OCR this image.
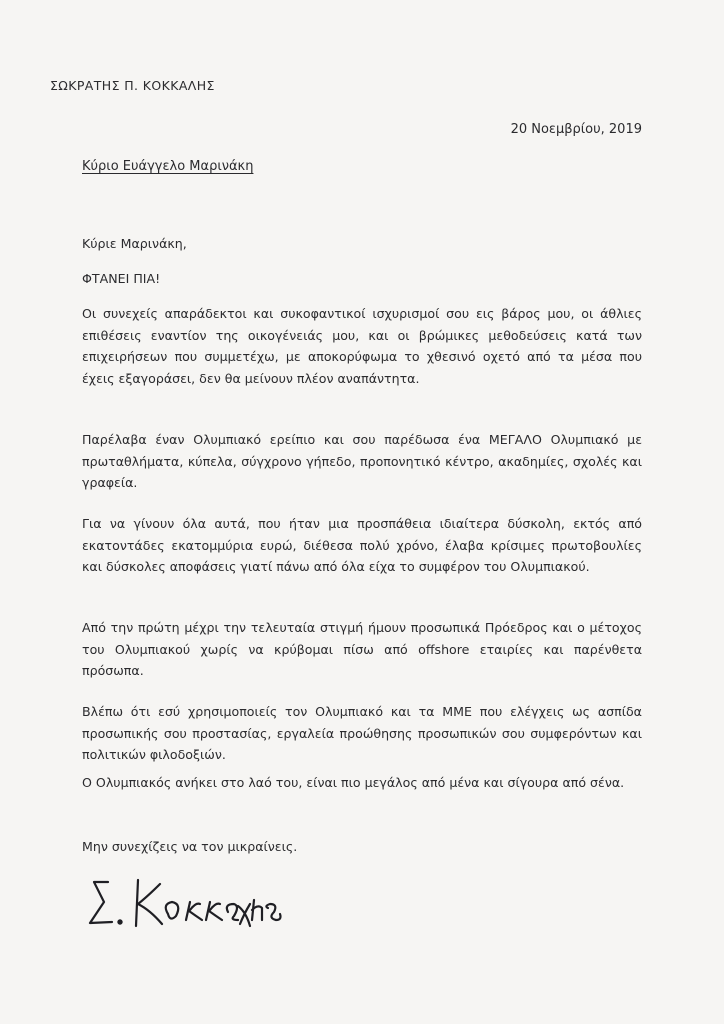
ΣΩΚΡΑΤΗΣ Π. ΚΟΚΚΑΛΗΣ
20 Νοεμβρίου, 2019
Κύριο Ευάγγελο Μαρινάκη

Κύριε Μαρινάκη,

ΦΤΑΝΕΙ ΠΙΑ!

Οι συνεχείς απαράδεκτοι και συκοφαντικοί ισχυρισμοί σου εις βάρος μου, οι άθλιες επιθέσεις εναντίον της οικογένειάς μου, και οι βρώμικες μεθοδεύσεις κατά των επιχειρήσεων που συμμετέχω, με αποκορύφωμα το χθεσινό οχετό από τα μέσα που έχεις εξαγοράσει, δεν θα μείνουν πλέον αναπάντητα.

Παρέλαβα έναν Ολυμπιακό ερείπιο και σου παρέδωσα ένα ΜΕΓΑΛΟ Ολυμπιακό με πρωταθλήματα, κύπελα, σύγχρονο γήπεδο, προπονητικό κέντρο, ακαδημίες, σχολές και γραφεία.

Για να γίνουν όλα αυτά, που ήταν μια προσπάθεια ιδιαίτερα δύσκολη, εκτός από εκατοντάδες εκατομμύρια ευρώ, διέθεσα πολύ χρόνο, έλαβα κρίσιμες πρωτοβουλίες και δύσκολες αποφάσεις γιατί πάνω από όλα είχα το συμφέρον του Ολυμπιακού.

Από την πρώτη μέχρι την τελευταία στιγμή ήμουν προσωπικά Πρόεδρος και ο μέτοχος του Ολυμπιακού χωρίς να κρύβομαι πίσω από offshore εταιρίες και παρένθετα πρόσωπα.

Βλέπω ότι εσύ χρησιμοποιείς τον Ολυμπιακό και τα ΜΜΕ που ελέγχεις ως ασπίδα προσωπικής σου προστασίας, εργαλεία προώθησης προσωπικών σου συμφερόντων και πολιτικών φιλοδοξιών.

Ο Ολυμπιακός ανήκει στο λαό του, είναι πιο μεγάλος από μένα και σίγουρα από σένα.

Μην συνεχίζεις να τον μικραίνεις.
